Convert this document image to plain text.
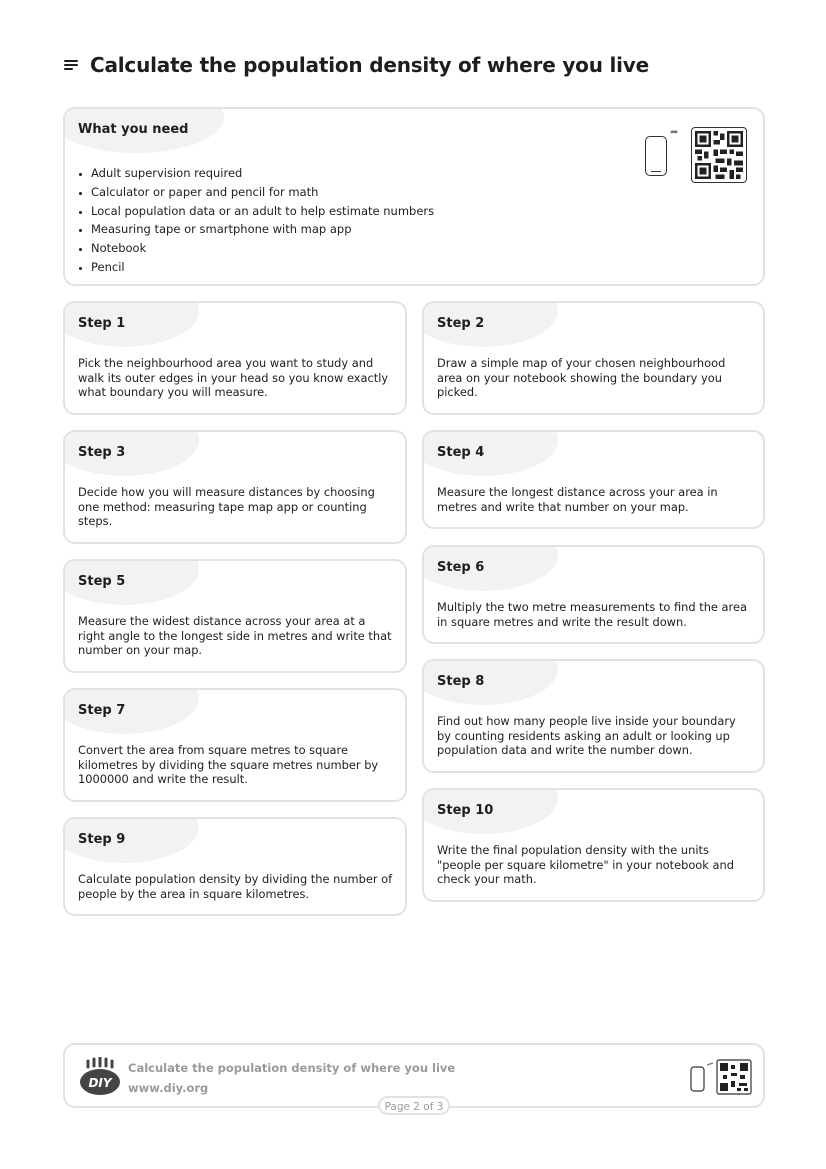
Calculate the population density of where you live
What you need
• Adult supervision required
• Calculator or paper and pencil for math
• Local population data or an adult to help estimate numbers
• Measuring tape or smartphone with map app
• Notebook
• Pencil
➦
Step 1

Pick the neighbourhood area you want to study and walk its outer edges in your head so you know exactly what boundary you will measure.

Step 2

Draw a simple map of your chosen neighbourhood area on your notebook showing the boundary you picked.

Step 3

Decide how you will measure distances by choosing one method: measuring tape map app or counting steps.

Step 4

Measure the longest distance across your area in metres and write that number on your map.

Step 5

Measure the widest distance across your area at a right angle to the longest side in metres and write that number on your map.

Step 6

Multiply the two metre measurements to find the area in square metres and write the result down.

Step 7

Convert the area from square metres to square kilometres by dividing the square metres number by 1000000 and write the result.

Step 8

Find out how many people live inside your boundary by counting residents asking an adult or looking up population data and write the number down.

Step 9

Calculate population density by dividing the number of people by the area in square kilometres.

Step 10

Write the final population density with the units "people per square kilometre" in your notebook and check your math.

DIY
Calculate the population density of where you live
www.diy.org
Page 2 of 3
